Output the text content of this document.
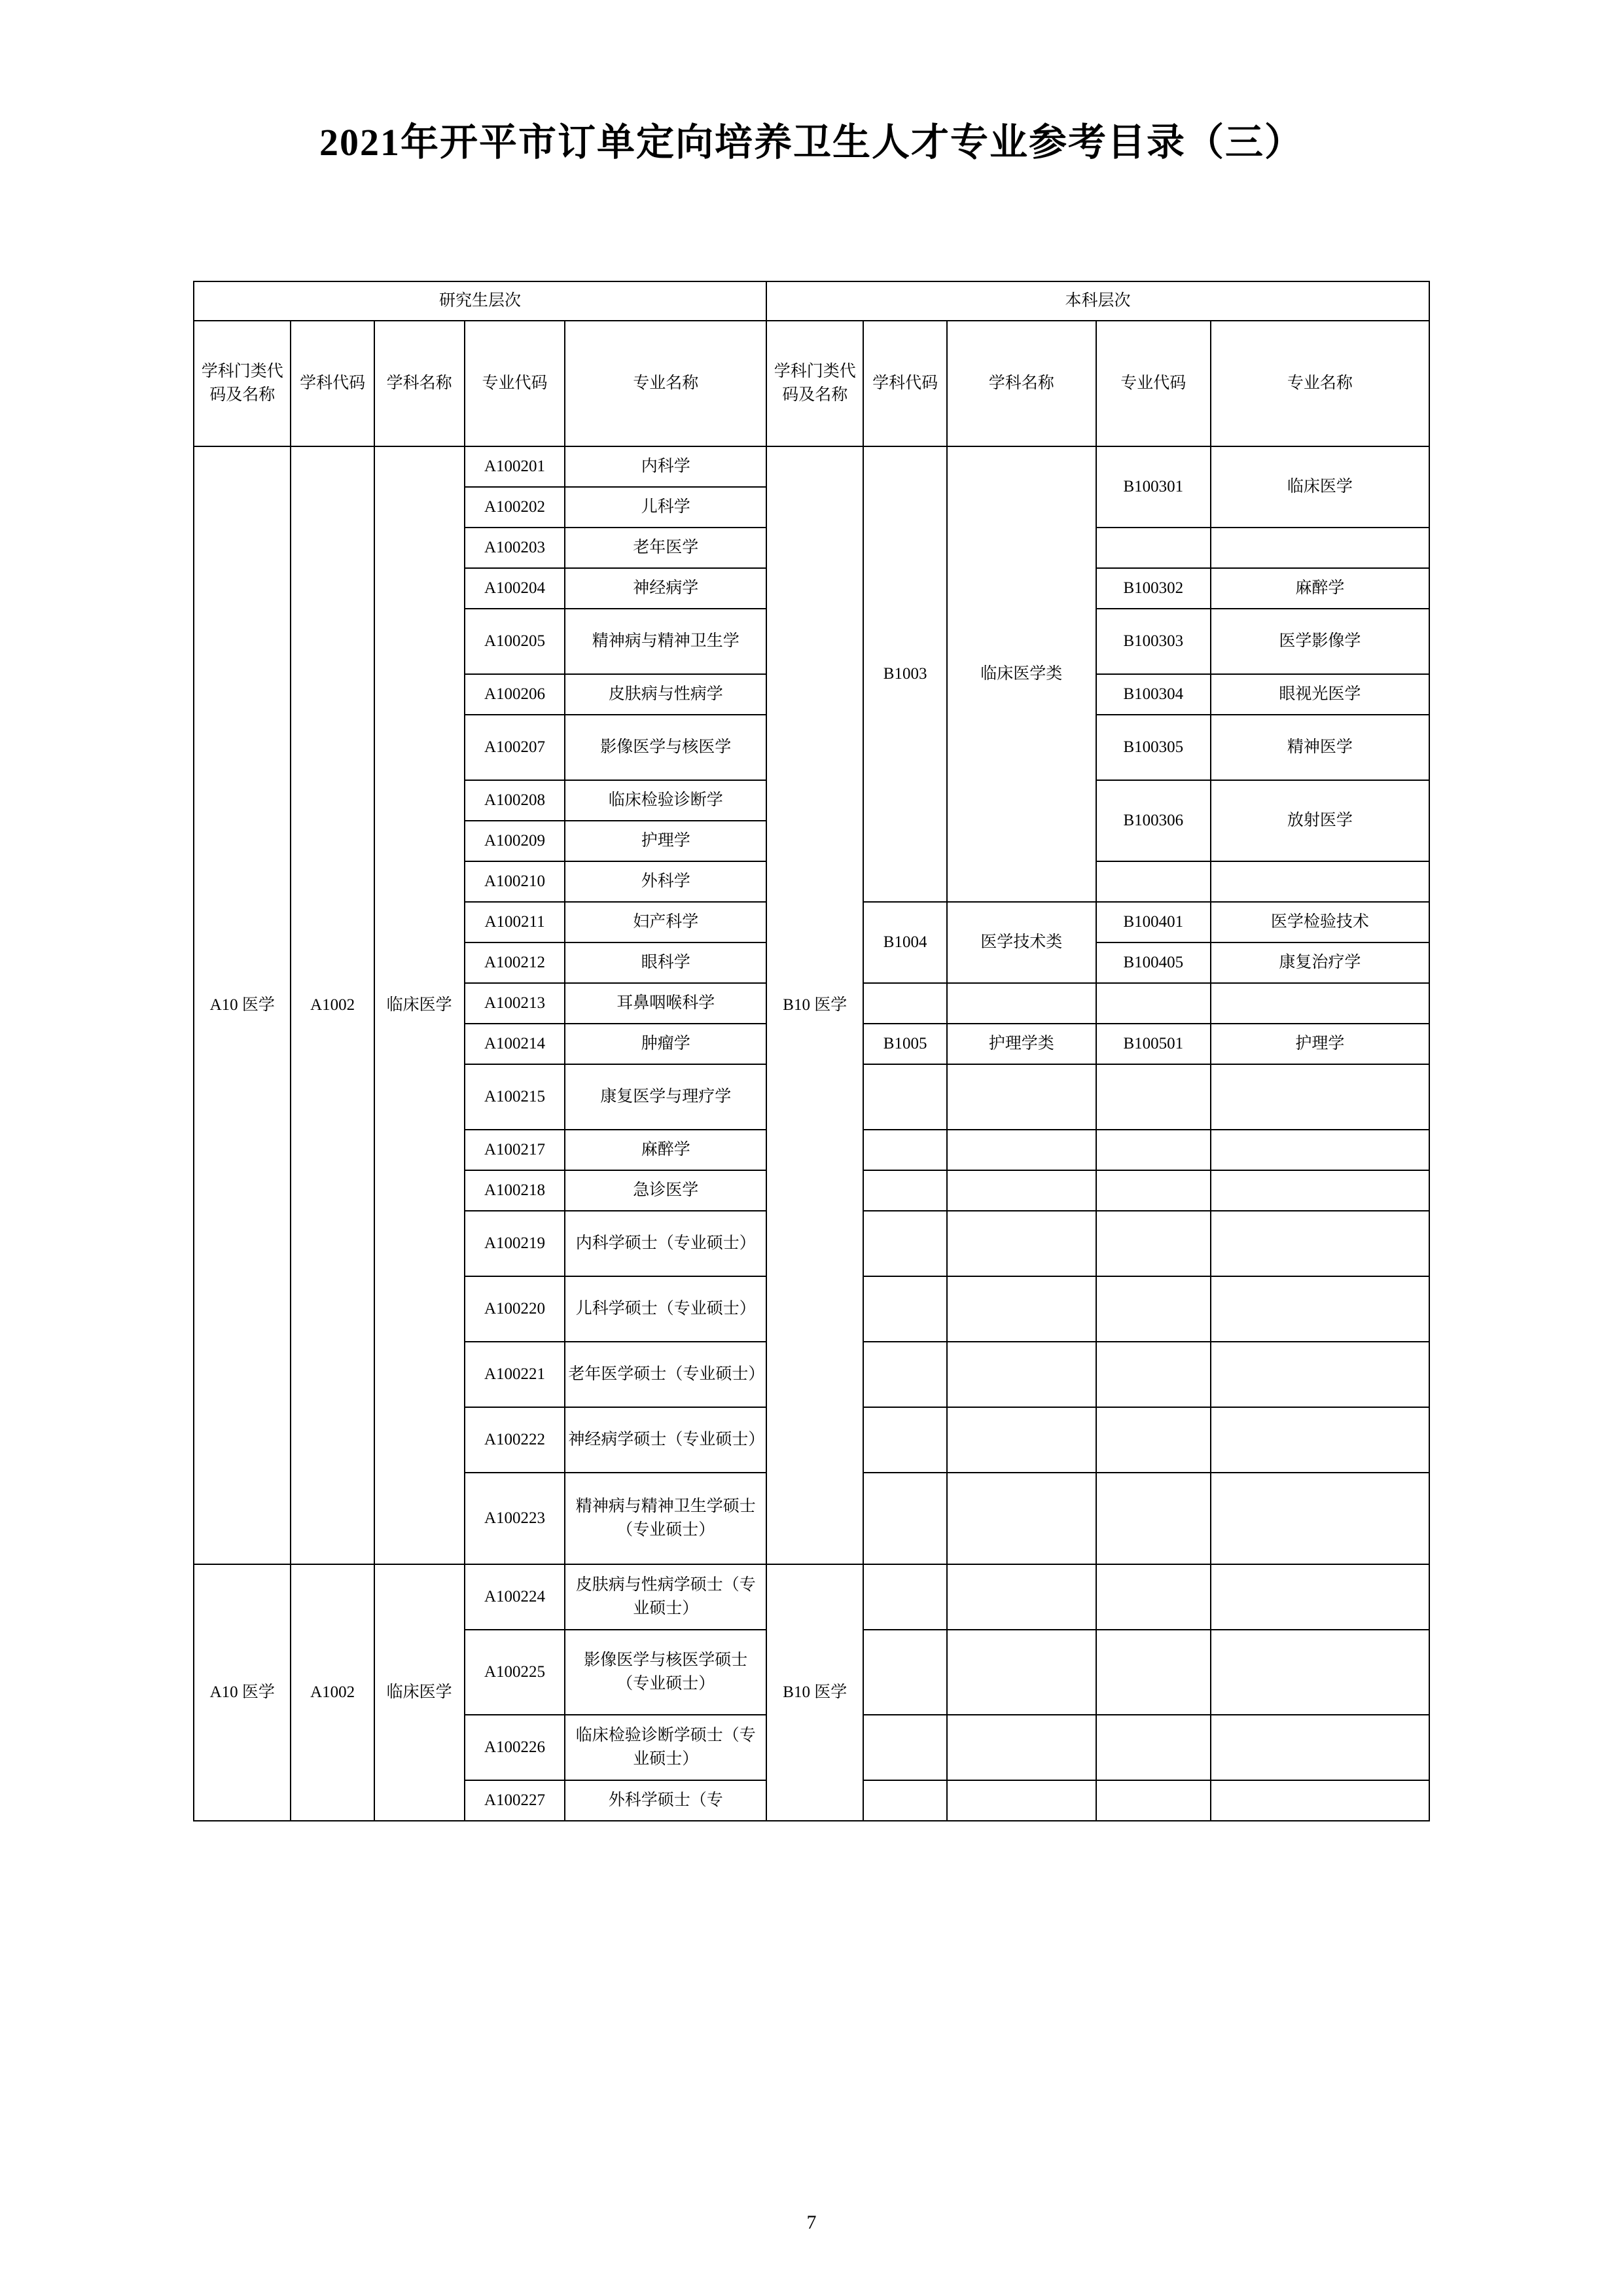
2021年开平市订单定向培养卫生人才专业参考目录（三）
研究生层次					本科层次				
学科门类代码及名称	学科代码	学科名称	专业代码	专业名称	学科门类代码及名称	学科代码	学科名称	专业代码	专业名称
A10 医学	A1002	临床医学	A100201	内科学	B10 医学	B1003	临床医学类	B100301	临床医学
			A100202	儿科学					
			A100203	老年医学					
			A100204	神经病学				B100302	麻醉学
			A100205	精神病与精神卫生学				B100303	医学影像学
			A100206	皮肤病与性病学				B100304	眼视光医学
			A100207	影像医学与核医学				B100305	精神医学
			A100208	临床检验诊断学				B100306	放射医学
			A100209	护理学					
			A100210	外科学					
			A100211	妇产科学		B1004	医学技术类	B100401	医学检验技术
			A100212	眼科学				B100405	康复治疗学
			A100213	耳鼻咽喉科学					
			A100214	肿瘤学		B1005	护理学类	B100501	护理学
			A100215	康复医学与理疗学					
			A100217	麻醉学					
			A100218	急诊医学					
			A100219	内科学硕士（专业硕士）					
			A100220	儿科学硕士（专业硕士）					
			A100221	老年医学硕士（专业硕士）					
			A100222	神经病学硕士（专业硕士）					
			A100223	精神病与精神卫生学硕士（专业硕士）					
A10 医学	A1002	临床医学	A100224	皮肤病与性病学硕士（专业硕士）	B10 医学				
			A100225	影像医学与核医学硕士（专业硕士）					
			A100226	临床检验诊断学硕士（专业硕士）					
			A100227	外科学硕士（专					
7
